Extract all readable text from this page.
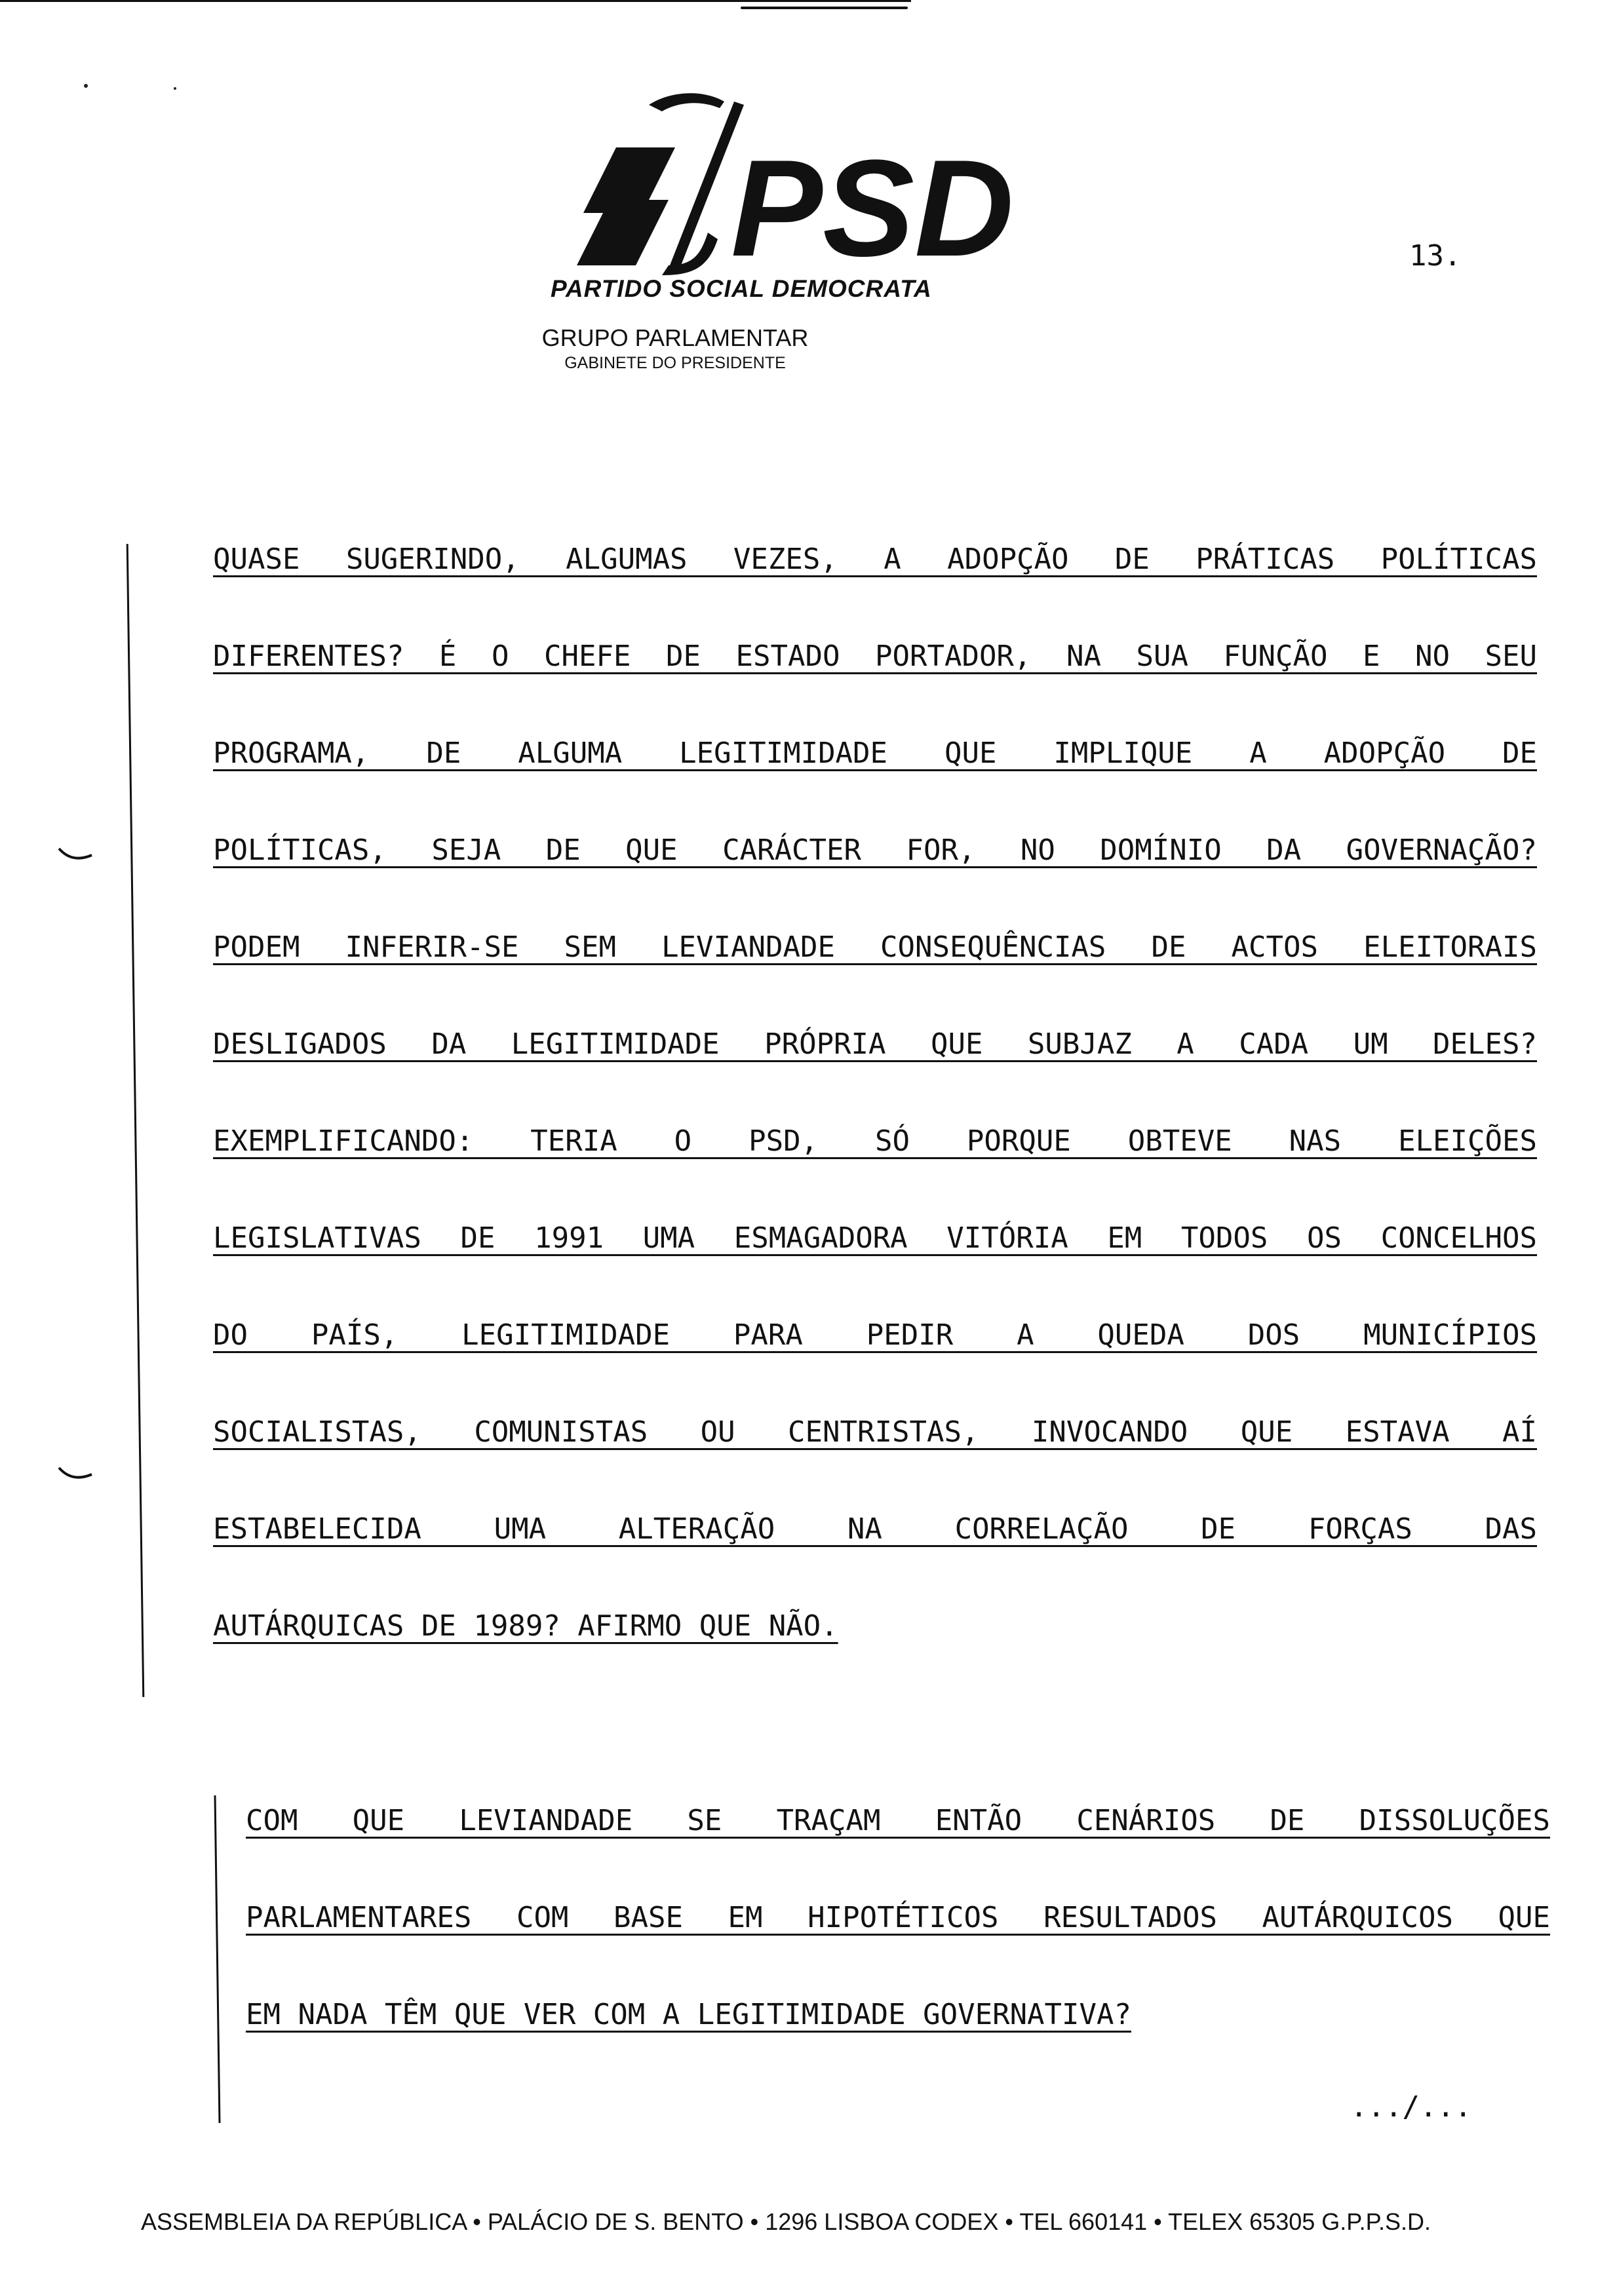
PSD
PARTIDO SOCIAL DEMOCRATA
GRUPO PARLAMENTAR
GABINETE DO PRESIDENTE
13.
QUASE SUGERINDO, ALGUMAS VEZES, A ADOPÇÃO DE PRÁTICAS POLÍTICAS
DIFERENTES? É O CHEFE DE ESTADO PORTADOR, NA SUA FUNÇÃO E NO SEU
PROGRAMA, DE ALGUMA LEGITIMIDADE QUE IMPLIQUE A ADOPÇÃO DE
POLÍTICAS, SEJA DE QUE CARÁCTER FOR, NO DOMÍNIO DA GOVERNAÇÃO?
PODEM INFERIR-SE SEM LEVIANDADE CONSEQUÊNCIAS DE ACTOS ELEITORAIS
DESLIGADOS DA LEGITIMIDADE PRÓPRIA QUE SUBJAZ A CADA UM DELES?
EXEMPLIFICANDO: TERIA O PSD, SÓ PORQUE OBTEVE NAS ELEIÇÕES
LEGISLATIVAS DE 1991 UMA ESMAGADORA VITÓRIA EM TODOS OS CONCELHOS
DO PAÍS, LEGITIMIDADE PARA PEDIR A QUEDA DOS MUNICÍPIOS
SOCIALISTAS, COMUNISTAS OU CENTRISTAS, INVOCANDO QUE ESTAVA AÍ
ESTABELECIDA UMA ALTERAÇÃO NA CORRELAÇÃO DE FORÇAS DAS
AUTÁRQUICAS DE 1989? AFIRMO QUE NÃO.
COM QUE LEVIANDADE SE TRAÇAM ENTÃO CENÁRIOS DE DISSOLUÇÕES
PARLAMENTARES COM BASE EM HIPOTÉTICOS RESULTADOS AUTÁRQUICOS QUE
EM NADA TÊM QUE VER COM A LEGITIMIDADE GOVERNATIVA?
.../...
ASSEMBLEIA DA REPÚBLICA • PALÁCIO DE S. BENTO • 1296 LISBOA CODEX • TEL 660141 • TELEX 65305 G.P.P.S.D.
